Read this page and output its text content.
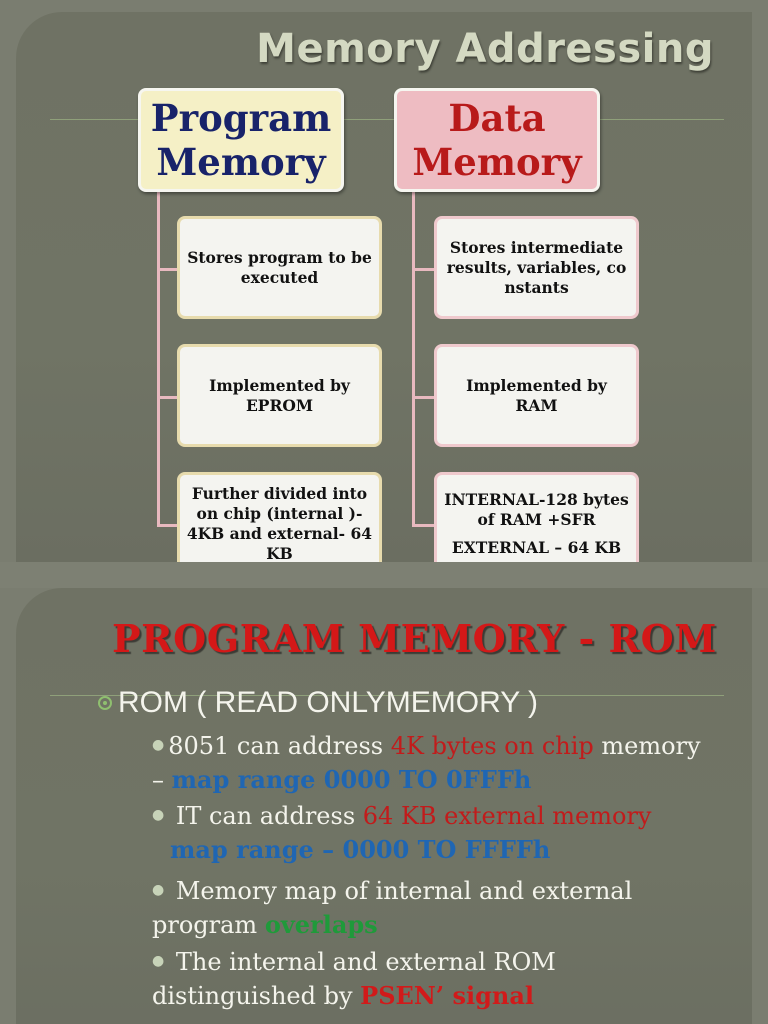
Memory Addressing
Program
Memory
Data
Memory
Stores program to be executed
Implemented by EPROM
Further divided into on chip (internal )- 4KB and external- 64 KB
Stores intermediate results, variables, co nstants
Implemented by RAM
INTERNAL-128 bytes of RAM +SFR
EXTERNAL – 64 KB
PROGRAM MEMORY - ROM
ROM ( READ ONLYMEMORY )
● 8051 can address 4K bytes on chip memory – map range 0000 TO 0FFFh
● IT can address 64 KB external memory
map range – 0000 TO FFFFh
● Memory map of internal and external program overlaps
● The internal and external ROM distinguished by PSEN’ signal
